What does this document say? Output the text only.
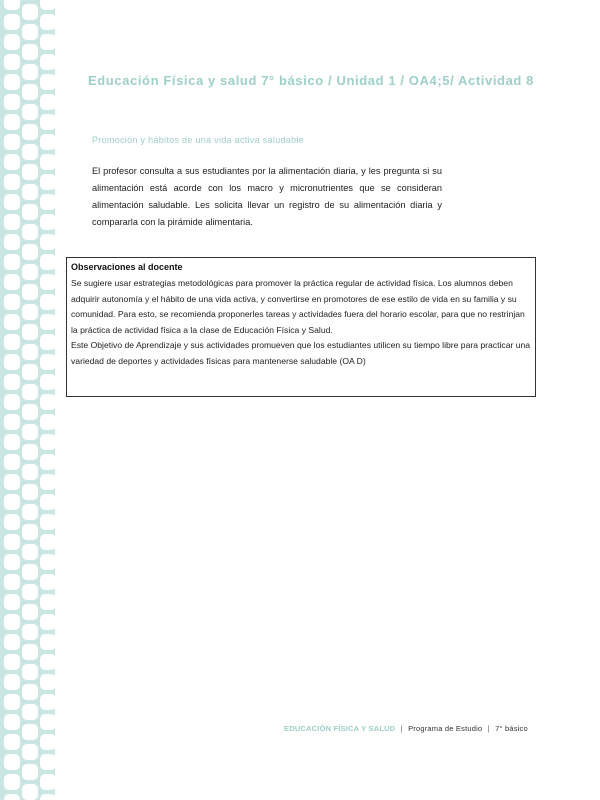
Educación Física y salud 7° básico / Unidad 1 / OA4;5/ Actividad 8
Promoción y hábitos de una vida activa saludable
El profesor consulta a sus estudiantes por la alimentación diaria, y les pregunta si su alimentación está acorde con los macro y micronutrientes que se consideran alimentación saludable. Les solicita llevar un registro de su alimentación diaria y compararla con la pirámide alimentaria.

Observaciones al docente

Se sugiere usar estrategias metodológicas para promover la práctica regular de actividad física. Los alumnos deben adquirir autonomía y el hábito de una vida activa, y convertirse en promotores de ese estilo de vida en su familia y su comunidad. Para esto, se recomienda proponerles tareas y actividades fuera del horario escolar, para que no restrinjan la práctica de actividad física a la clase de Educación Física y Salud.

Este Objetivo de Aprendizaje y sus actividades promueven que los estudiantes utilicen su tiempo libre para practicar una variedad de deportes y actividades físicas para mantenerse saludable (OA D)

EDUCACIÓN FÍSICA Y SALUD | Programa de Estudio | 7° básico
